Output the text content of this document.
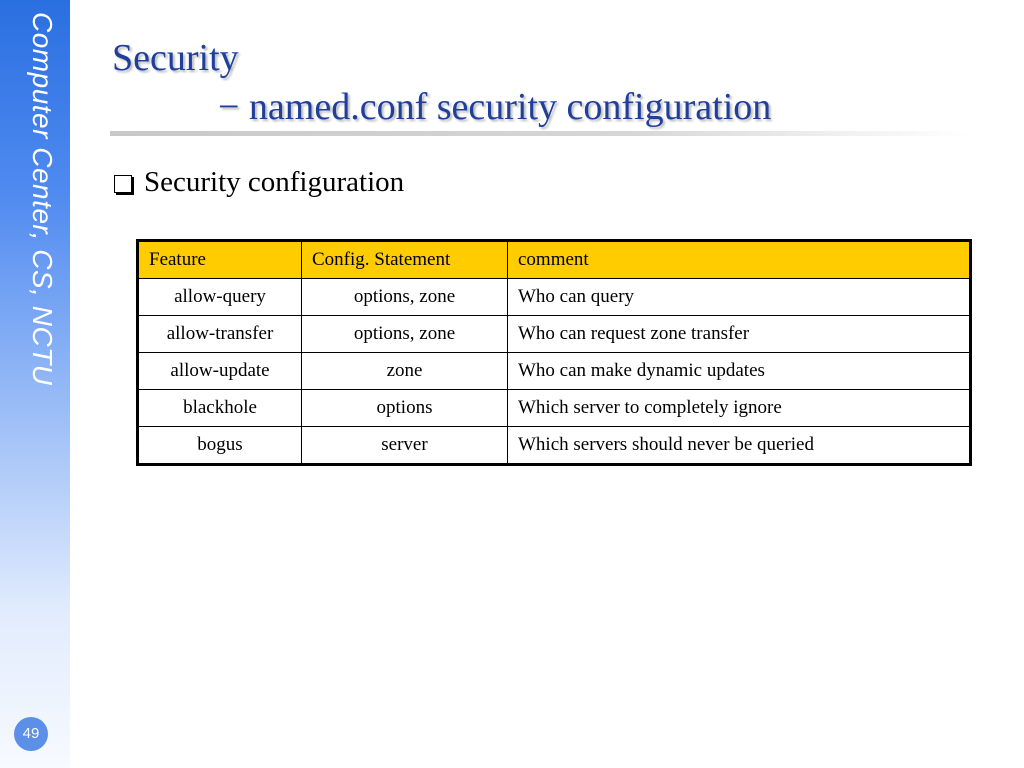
Computer Center, CS, NCTU
49
Security
− named.conf security configuration
Security configuration
Feature	Config. Statement	comment
allow-query	options, zone	Who can query
allow-transfer	options, zone	Who can request zone transfer
allow-update	zone	Who can make dynamic updates
blackhole	options	Which server to completely ignore
bogus	server	Which servers should never be queried
